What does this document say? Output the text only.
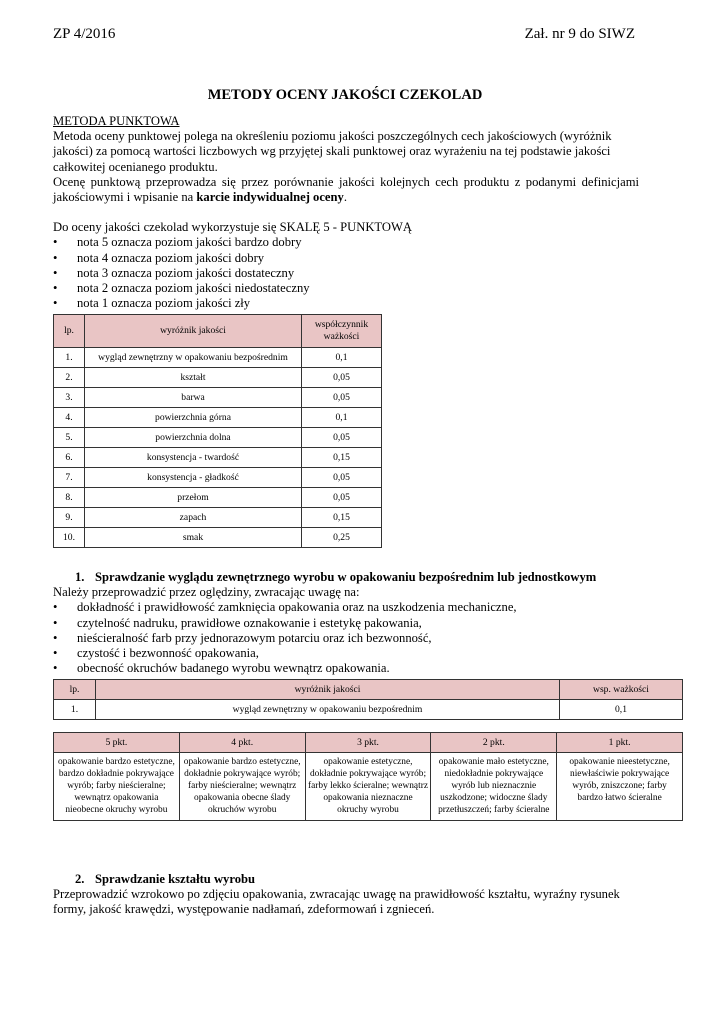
ZP 4/2016	Zał. nr 9 do SIWZ
METODY OCENY JAKOŚCI CZEKOLAD
METODA PUNKTOWA
Metoda oceny punktowej polega na określeniu poziomu jakości poszczególnych cech jakościowych (wyróżnik jakości) za pomocą wartości liczbowych wg przyjętej skali punktowej oraz wyrażeniu na tej podstawie jakości całkowitej ocenianego produktu.
Ocenę punktową przeprowadza się przez porównanie jakości kolejnych cech produktu z podanymi definicjami jakościowymi i wpisanie na karcie indywidualnej oceny.
Do oceny jakości czekolad wykorzystuje się SKALĘ 5 - PUNKTOWĄ
• nota 5 oznacza poziom jakości bardzo dobry
• nota 4 oznacza poziom jakości dobry
• nota 3 oznacza poziom jakości dostateczny
• nota 2 oznacza poziom jakości niedostateczny
• nota 1 oznacza poziom jakości zły
lp.	wyróżnik jakości	współczynnik ważkości
1.	wygląd zewnętrzny w opakowaniu bezpośrednim	0,1
2.	kształt	0,05
3.	barwa	0,05
4.	powierzchnia górna	0,1
5.	powierzchnia dolna	0,05
6.	konsystencja - twardość	0,15
7.	konsystencja - gładkość	0,05
8.	przełom	0,05
9.	zapach	0,15
10.	smak	0,25
1. Sprawdzanie wyglądu zewnętrznego wyrobu w opakowaniu bezpośrednim lub jednostkowym
Należy przeprowadzić przez oględziny, zwracając uwagę na:
• dokładność i prawidłowość zamknięcia opakowania oraz na uszkodzenia mechaniczne,
• czytelność nadruku, prawidłowe oznakowanie i estetykę pakowania,
• nieścieralność farb przy jednorazowym potarciu oraz ich bezwonność,
• czystość i bezwonność opakowania,
• obecność okruchów badanego wyrobu wewnątrz opakowania.
lp.	wyróżnik jakości	wsp. ważkości
1.	wygląd zewnętrzny w opakowaniu bezpośrednim	0,1
5 pkt.	4 pkt.	3 pkt.	2 pkt.	1 pkt.
opakowanie bardzo estetyczne, bardzo dokładnie pokrywające wyrób; farby nieścieralne; wewnątrz opakowania nieobecne okruchy wyrobu	opakowanie bardzo estetyczne, dokładnie pokrywające wyrób; farby nieścieralne; wewnątrz opakowania obecne ślady okruchów wyrobu	opakowanie estetyczne, dokładnie pokrywające wyrób; farby lekko ścieralne; wewnątrz opakowania nieznaczne okruchy wyrobu	opakowanie mało estetyczne, niedokładnie pokrywające wyrób lub nieznacznie uszkodzone; widoczne ślady przetłuszczeń; farby ścieralne	opakowanie nieestetyczne, niewłaściwie pokrywające wyrób, zniszczone; farby bardzo łatwo ścieralne
2. Sprawdzanie kształtu wyrobu
Przeprowadzić wzrokowo po zdjęciu opakowania, zwracając uwagę na prawidłowość kształtu, wyraźny rysunek formy, jakość krawędzi, występowanie nadłamań, zdeformowań i zgnieceń.
